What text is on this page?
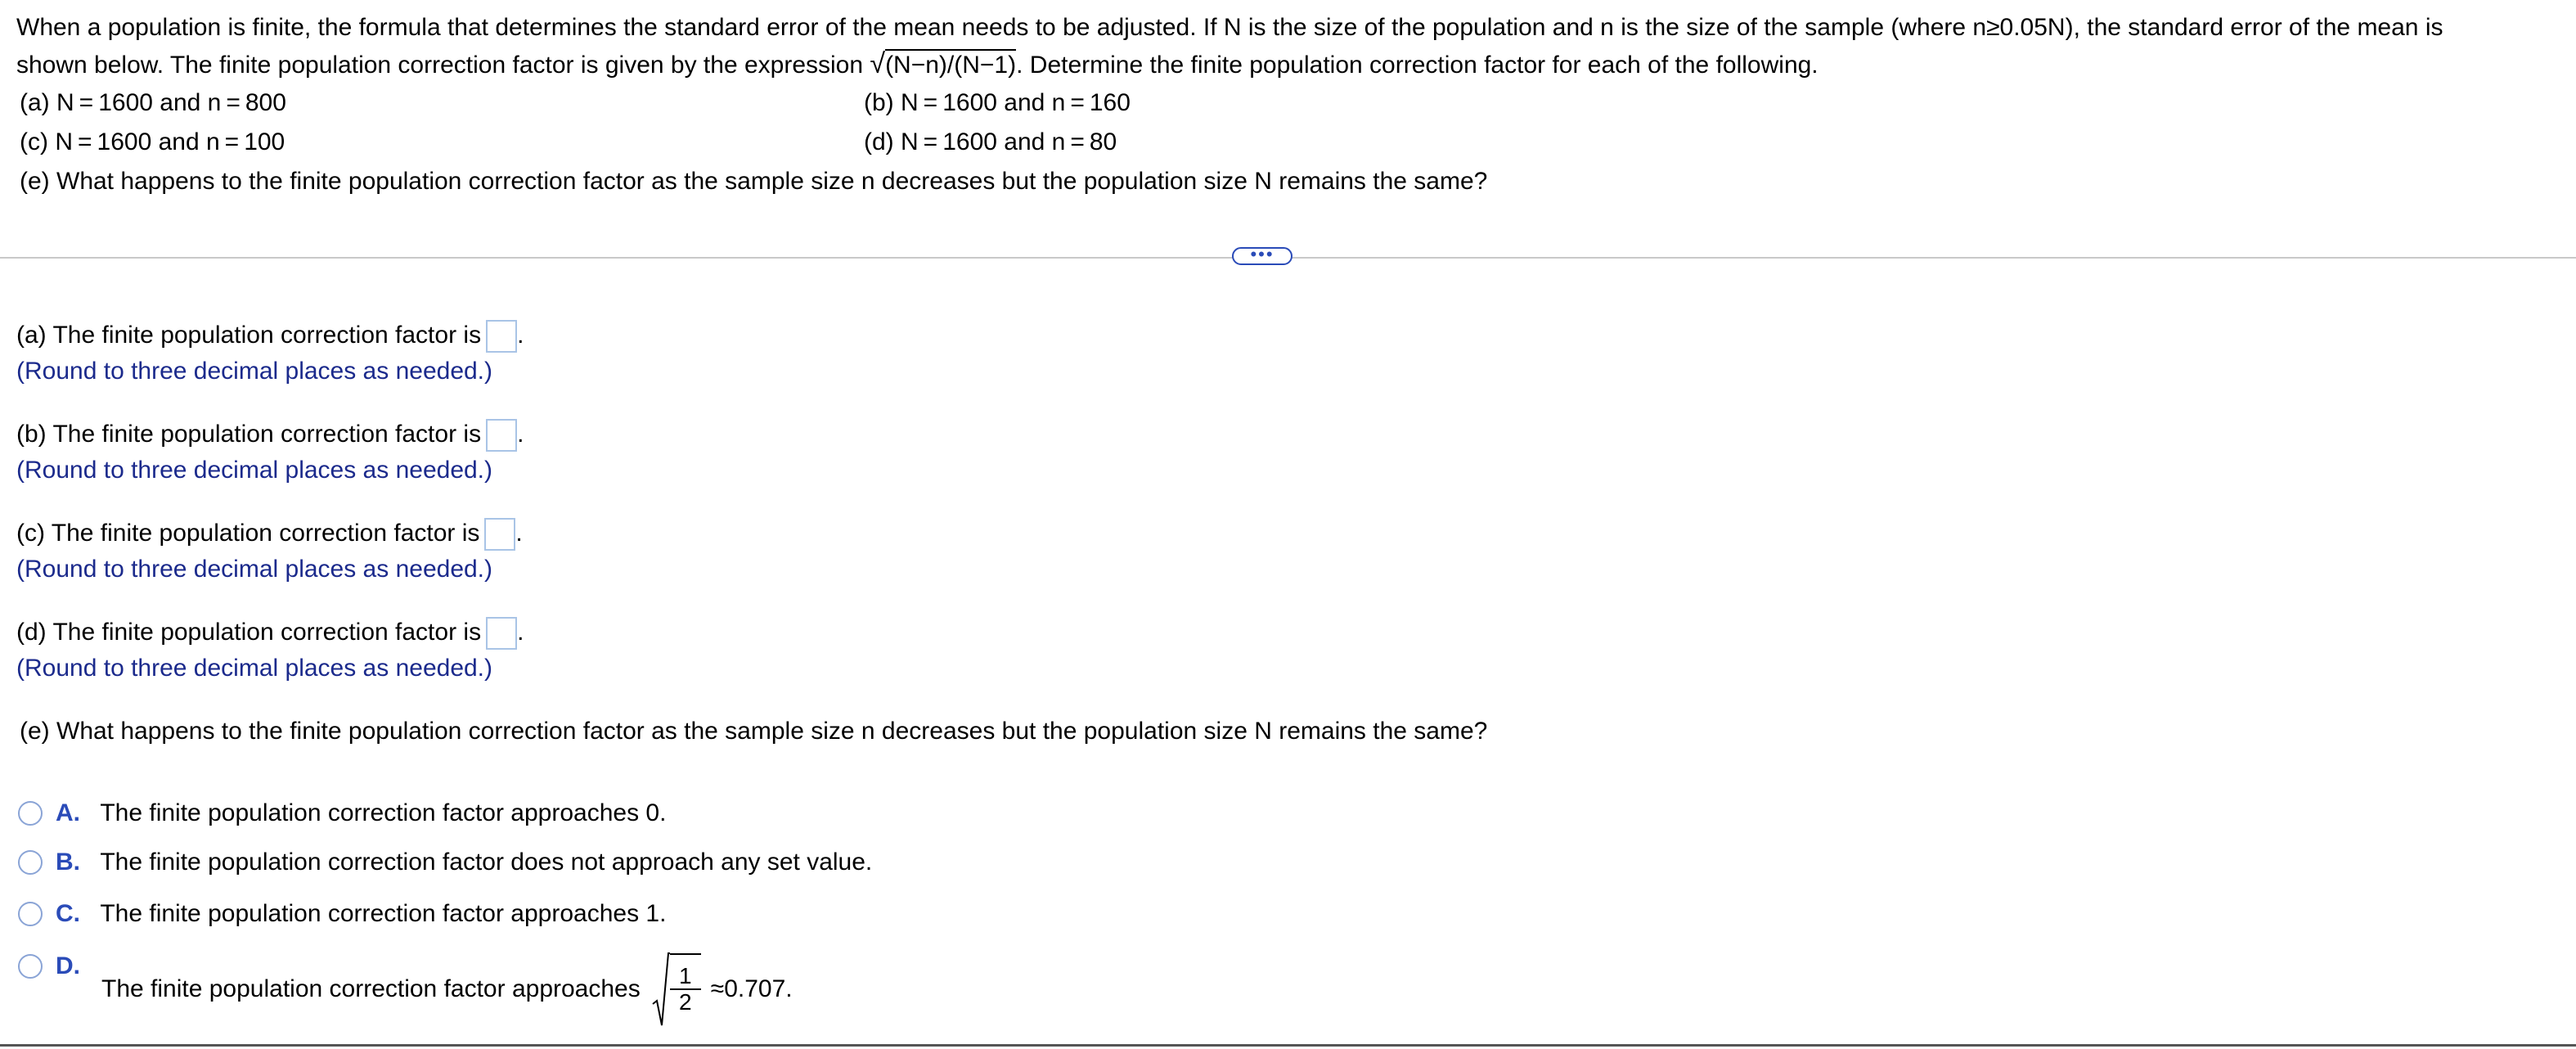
When a population is finite, the formula that determines the standard error of the mean needs to be adjusted. If N is the size of the population and n is the size of the sample (where n≥0.05N), the standard error of the mean is
shown below. The finite population correction factor is given by the expression √(N−n)/(N−1). Determine the finite population correction factor for each of the following.
(a) N = 1600 and n = 800	(b) N = 1600 and n = 160
(c) N = 1600 and n = 100	(d) N = 1600 and n = 80
(e) What happens to the finite population correction factor as the sample size n decreases but the population size N remains the same?
•••
(a) The finite population correction factor is .
(Round to three decimal places as needed.)
(b) The finite population correction factor is .
(Round to three decimal places as needed.)
(c) The finite population correction factor is .
(Round to three decimal places as needed.)
(d) The finite population correction factor is .
(Round to three decimal places as needed.)
(e) What happens to the finite population correction factor as the sample size n decreases but the population size N remains the same?
A. The finite population correction factor approaches 0.
B. The finite population correction factor does not approach any set value.
C. The finite population correction factor approaches 1.
D.
The finite population correction factor approaches $\frac{1}{2} \approx 0.707$.
